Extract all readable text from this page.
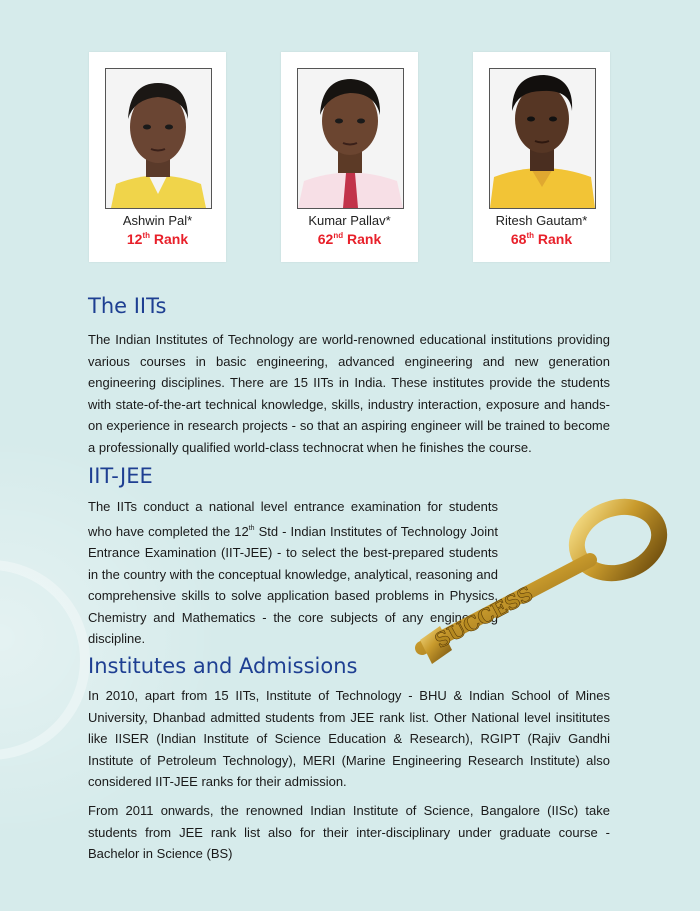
Ashwin Pal*
12th Rank
Kumar Pallav*
62nd Rank
Ritesh Gautam*
68th Rank
The IITs

The Indian Institutes of Technology are world-renowned educational institutions providing various courses in basic engineering, advanced engineering and new generation engineering disciplines. There are 15 IITs in India. These institutes provide the students with state-of-the-art technical knowledge, skills, industry interaction, exposure and hands-on experience in research projects - so that an aspiring engineer will be trained to become a professionally qualified world-class technocrat when he finishes the course.

IIT-JEE

The IITs conduct a national level entrance examination for students who have completed the 12th Std - Indian Institutes of Technology Joint Entrance Examination (IIT-JEE) - to select the best-prepared students in the country with the conceptual knowledge, analytical, reasoning and comprehensive skills to solve application based problems in Physics, Chemistry and Mathematics - the core subjects of any engineering discipline.	SUCCESS
Institutes and Admissions

In 2010, apart from 15 IITs, Institute of Technology - BHU & Indian School of Mines University, Dhanbad admitted students from JEE rank list. Other National level insititutes like IISER (Indian Institute of Science Education & Research), RGIPT (Rajiv Gandhi Institute of Petroleum Technology), MERI (Marine Engineering Research Institute) also considered IIT-JEE ranks for their admission.

From 2011 onwards, the renowned Indian Institute of Science, Bangalore (IISc) take students from JEE rank list also for their inter-disciplinary under graduate course - Bachelor in Science (BS)
